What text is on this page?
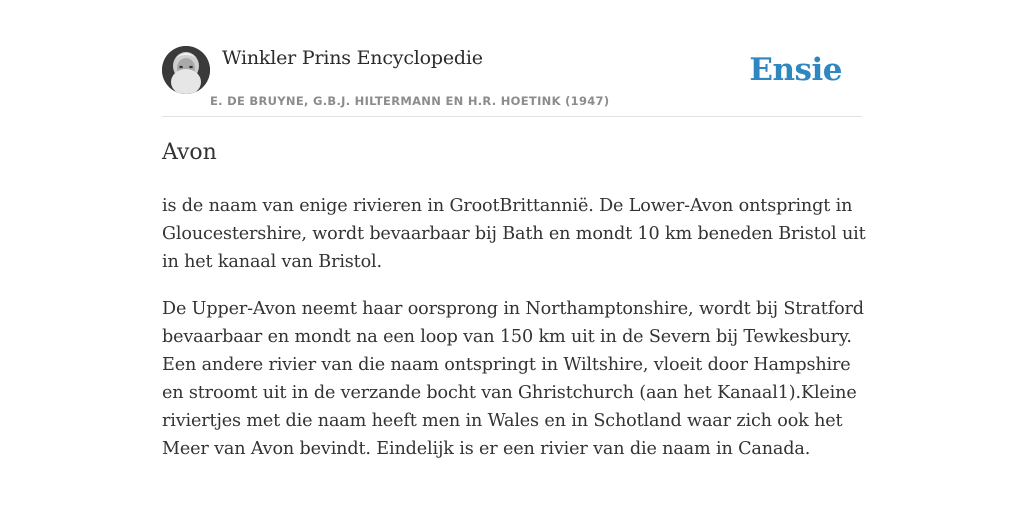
Winkler Prins Encyclopedie
E. DE BRUYNE, G.B.J. HILTERMANN EN H.R. HOETINK (1947)
Ensie
Avon

is de naam van enige rivieren in GrootBrittannië. De Lower-Avon ontspringt in Gloucestershire, wordt bevaarbaar bij Bath en mondt 10 km beneden Bristol uit in het kanaal van Bristol.

De Upper-Avon neemt haar oorsprong in Northamptonshire, wordt bij Stratford bevaarbaar en mondt na een loop van 150 km uit in de Severn bij Tewkesbury. Een andere rivier van die naam ontspringt in Wiltshire, vloeit door Hampshire en stroomt uit in de verzande bocht van Ghristchurch (aan het Kanaal1).Kleine riviertjes met die naam heeft men in Wales en in Schotland waar zich ook het Meer van Avon bevindt. Eindelijk is er een rivier van die naam in Canada.
